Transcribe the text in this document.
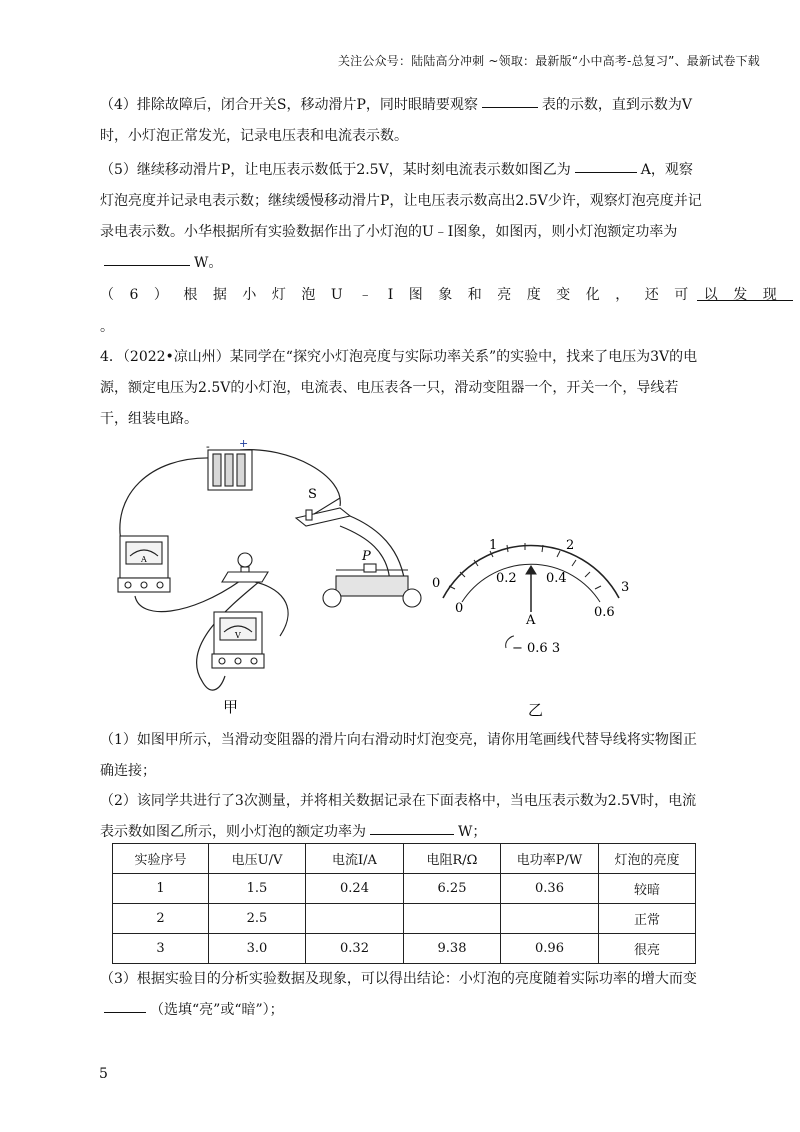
关注公众号：陆陆高分冲刺 ~领取：最新版“小中高考-总复习”、最新试卷下载
（4）排除故障后，闭合开关S，移动滑片P，同时眼睛要观察	表的示数，直到示数为V时，小灯泡正常发光，记录电压表和电流表示数。
（5）继续移动滑片P，让电压表示数低于2.5V，某时刻电流表示数如图乙为	A，观察灯泡亮度并记录电表示数；继续缓慢移动滑片P，让电压表示数高出2.5V少许，观察灯泡亮度并记录电表示数。小华根据所有实验数据作出了小灯泡的U﹣I图象，如图丙，则小灯泡额定功率为W。
（6）根据小灯泡U﹣I图象和亮度变化，还可以发现
。
4．（2022•凉山州）某同学在“探究小灯泡亮度与实际功率关系”的实验中，找来了电压为3V的电源，额定电压为2.5V的小灯泡，电流表、电压表各一只，滑动变阻器一个，开关一个，导线若干，组装电路。
-	+
S
A
V
P
甲
0
1	2
3
0
0.2 0.4
0.6
A
− 0.6 3
乙
（1）如图甲所示，当滑动变阻器的滑片向右滑动时灯泡变亮，请你用笔画线代替导线将实物图正确连接；
（2）该同学共进行了3次测量，并将相关数据记录在下面表格中，当电压表示数为2.5V时，电流表示数如图乙所示，则小灯泡的额定功率为	W；
实验序号	电压U/V	电流I/A	电阻R/Ω	电功率P/W	灯泡的亮度
1	1.5	0.24	6.25	0.36	较暗
2	2.5				正常
3	3.0	0.32	9.38	0.96	很亮
（3）根据实验目的分析实验数据及现象，可以得出结论：小灯泡的亮度随着实际功率的增大而变（选填“亮”或“暗”）；
5
